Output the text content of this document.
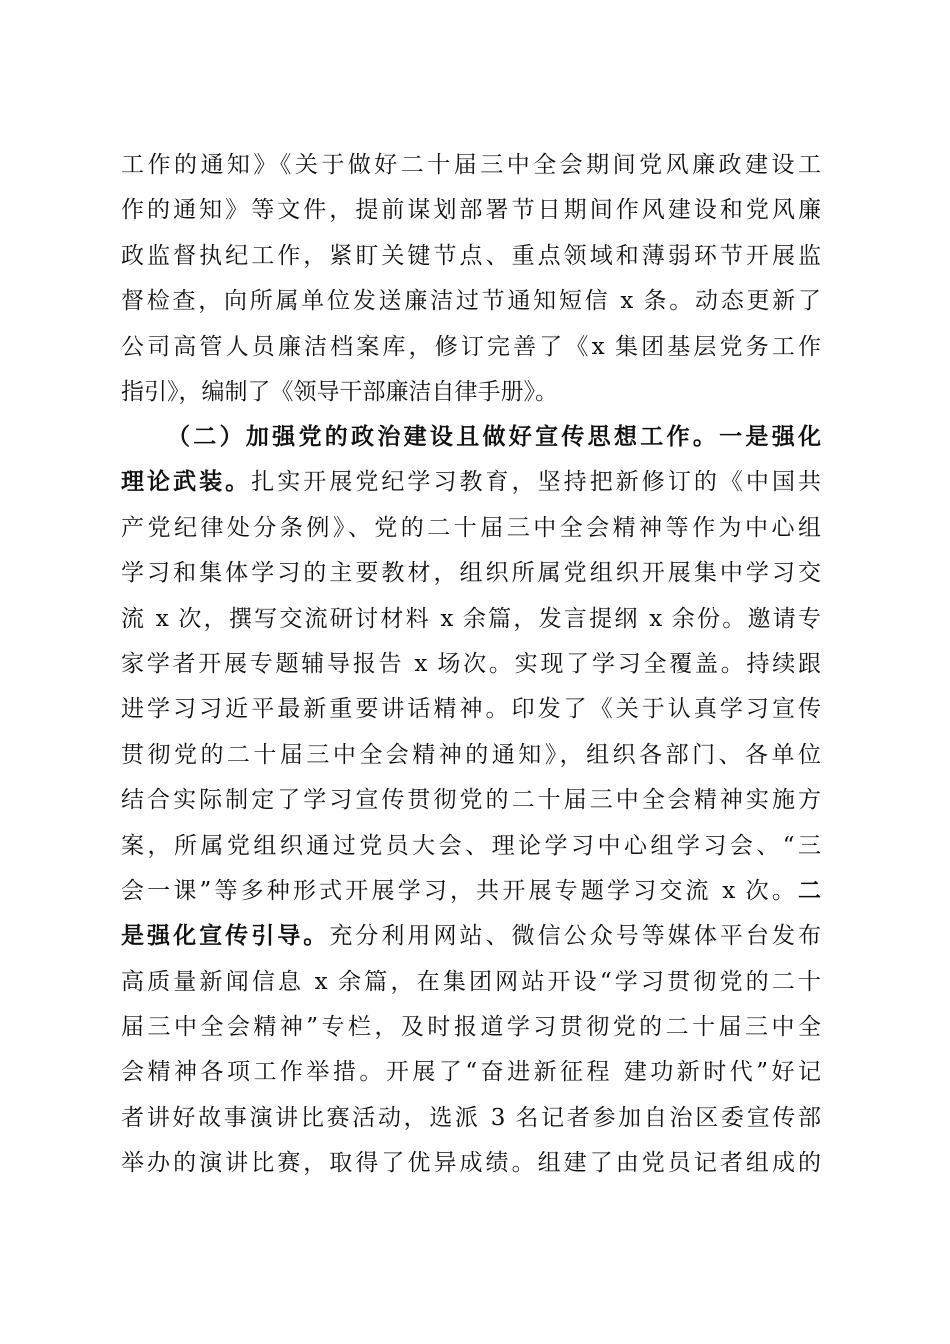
工作的通知》《关于做好二十届三中全会期间党风廉政建设工
作的通知》等文件，提前谋划部署节日期间作风建设和党风廉
政监督执纪工作，紧盯关键节点、重点领域和薄弱环节开展监
督检查，向所属单位发送廉洁过节通知短信 x 条。动态更新了
公司高管人员廉洁档案库，修订完善了《x 集团基层党务工作
指引》，编制了《领导干部廉洁自律手册》。
（二）加强党的政治建设且做好宣传思想工作。一是强化
理论武装。扎实开展党纪学习教育，坚持把新修订的《中国共
产党纪律处分条例》、党的二十届三中全会精神等作为中心组
学习和集体学习的主要教材，组织所属党组织开展集中学习交
流 x 次，撰写交流研讨材料 x 余篇，发言提纲 x 余份。邀请专
家学者开展专题辅导报告 x 场次。实现了学习全覆盖。持续跟
进学习习近平最新重要讲话精神。印发了《关于认真学习宣传
贯彻党的二十届三中全会精神的通知》，组织各部门、各单位
结合实际制定了学习宣传贯彻党的二十届三中全会精神实施方
案，所属党组织通过党员大会、理论学习中心组学习会、“三
会一课”等多种形式开展学习，共开展专题学习交流 x 次。二
是强化宣传引导。充分利用网站、微信公众号等媒体平台发布
高质量新闻信息 x 余篇，在集团网站开设“学习贯彻党的二十
届三中全会精神”专栏，及时报道学习贯彻党的二十届三中全
会精神各项工作举措。开展了“奋进新征程 建功新时代”好记
者讲好故事演讲比赛活动，选派 3 名记者参加自治区委宣传部
举办的演讲比赛，取得了优异成绩。组建了由党员记者组成的
